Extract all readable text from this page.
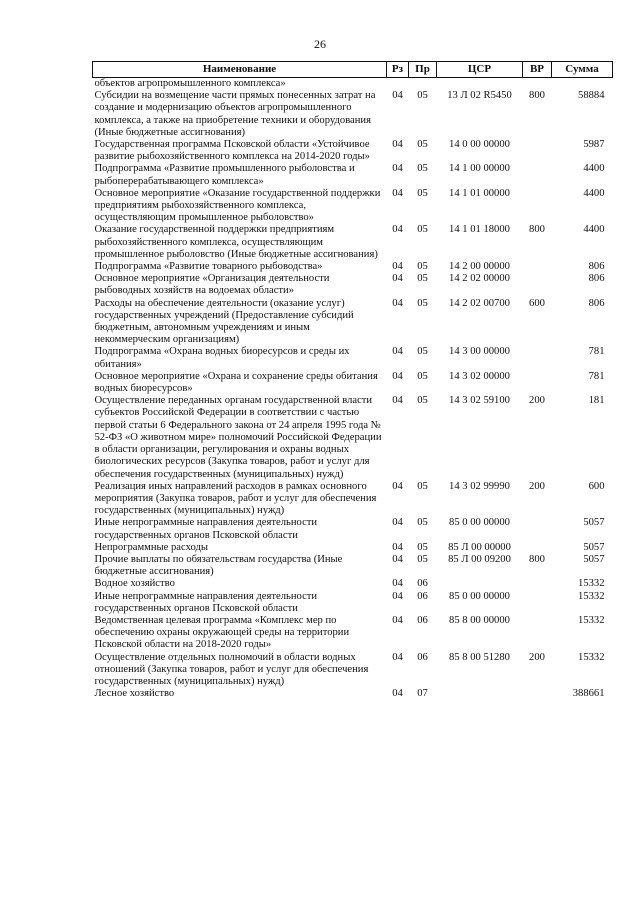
26
Наименование	Рз	Пр	ЦСР	ВР	Сумма
объектов агропромышленного комплекса»					
Субсидии на возмещение части прямых понесенных затрат на создание и модернизацию объектов агропромышленного комплекса, а также на приобретение техники и оборудования (Иные бюджетные ассигнования)	04	05	13 Л 02 R5450	800	58884
Государственная программа Псковской области «Устойчивое развитие рыбохозяйственного комплекса на 2014-2020 годы»	04	05	14 0 00 00000		5987
Подпрограмма «Развитие промышленного рыболовства и рыбоперерабатывающего комплекса»	04	05	14 1 00 00000		4400
Основное мероприятие «Оказание государственной поддержки предприятиям рыбохозяйственного комплекса, осуществляющим промышленное рыболовство»	04	05	14 1 01 00000		4400
Оказание государственной поддержки предприятиям рыбохозяйственного комплекса, осуществляющим промышленное рыболовство (Иные бюджетные ассигнования)	04	05	14 1 01 18000	800	4400
Подпрограмма «Развитие товарного рыбоводства»	04	05	14 2 00 00000		806
Основное мероприятие «Организация деятельности рыбоводных хозяйств на водоемах области»	04	05	14 2 02 00000		806
Расходы на обеспечение деятельности (оказание услуг) государственных учреждений (Предоставление субсидий бюджетным, автономным учреждениям и иным некоммерческим организациям)	04	05	14 2 02 00700	600	806
Подпрограмма «Охрана водных биоресурсов и среды их обитания»	04	05	14 3 00 00000		781
Основное мероприятие «Охрана и сохранение среды обитания водных биоресурсов»	04	05	14 3 02 00000		781
Осуществление переданных органам государственной власти субъектов Российской Федерации в соответствии с частью первой статьи 6 Федерального закона от 24 апреля 1995 года № 52-ФЗ «О животном мире» полномочий Российской Федерации в области организации, регулирования и охраны водных биологических ресурсов (Закупка товаров, работ и услуг для обеспечения государственных (муниципальных) нужд)	04	05	14 3 02 59100	200	181
Реализация иных направлений расходов в рамках основного мероприятия (Закупка товаров, работ и услуг для обеспечения государственных (муниципальных) нужд)	04	05	14 3 02 99990	200	600
Иные непрограммные направления деятельности государственных органов Псковской области	04	05	85 0 00 00000		5057
Непрограммные расходы	04	05	85 Л 00 00000		5057
Прочие выплаты по обязательствам государства (Иные бюджетные ассигнования)	04	05	85 Л 00 09200	800	5057
Водное хозяйство	04	06			15332
Иные непрограммные направления деятельности государственных органов Псковской области	04	06	85 0 00 00000		15332
Ведомственная целевая программа «Комплекс мер по обеспечению охраны окружающей среды на территории Псковской области на 2018-2020 годы»	04	06	85 8 00 00000		15332
Осуществление отдельных полномочий в области водных отношений (Закупка товаров, работ и услуг для обеспечения государственных (муниципальных) нужд)	04	06	85 8 00 51280	200	15332
Лесное хозяйство	04	07			388661
